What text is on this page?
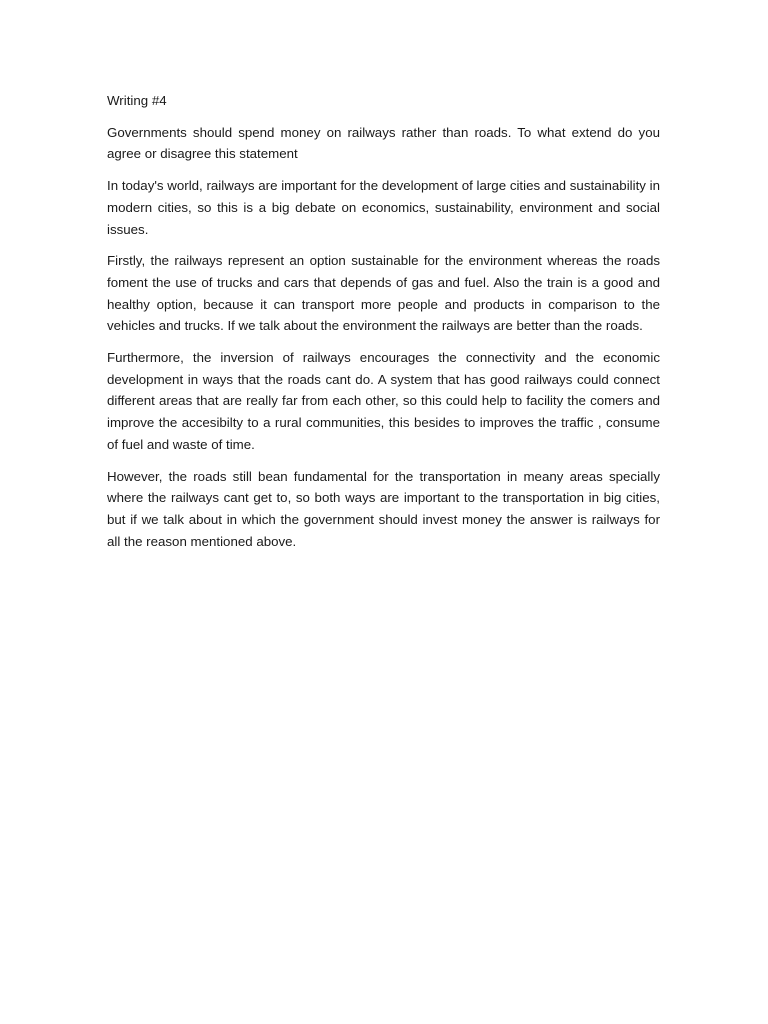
Writing #4

Governments should spend money on railways rather than roads. To what extend do you agree or disagree this statement

In today's world, railways are important for the development of large cities and sustainability in modern cities, so this is a big debate on economics, sustainability, environment and social issues.

Firstly, the railways represent an option sustainable for the environment whereas the roads foment the use of trucks and cars that depends of gas and fuel. Also the train is a good and healthy option, because it can transport more people and products in comparison to the vehicles and trucks. If we talk about the environment the railways are better than the roads.

Furthermore, the inversion of railways encourages the connectivity and the economic development in ways that the roads cant do. A system that has good railways could connect different areas that are really far from each other, so this could help to facility the comers and improve the accesibilty to a rural communities, this besides to improves the traffic , consume of fuel and waste of time.

However, the roads still bean fundamental for the transportation in meany areas specially where the railways cant get to, so both ways are important to the transportation in big cities, but if we talk about in which the government should invest money the answer is railways for all the reason mentioned above.
